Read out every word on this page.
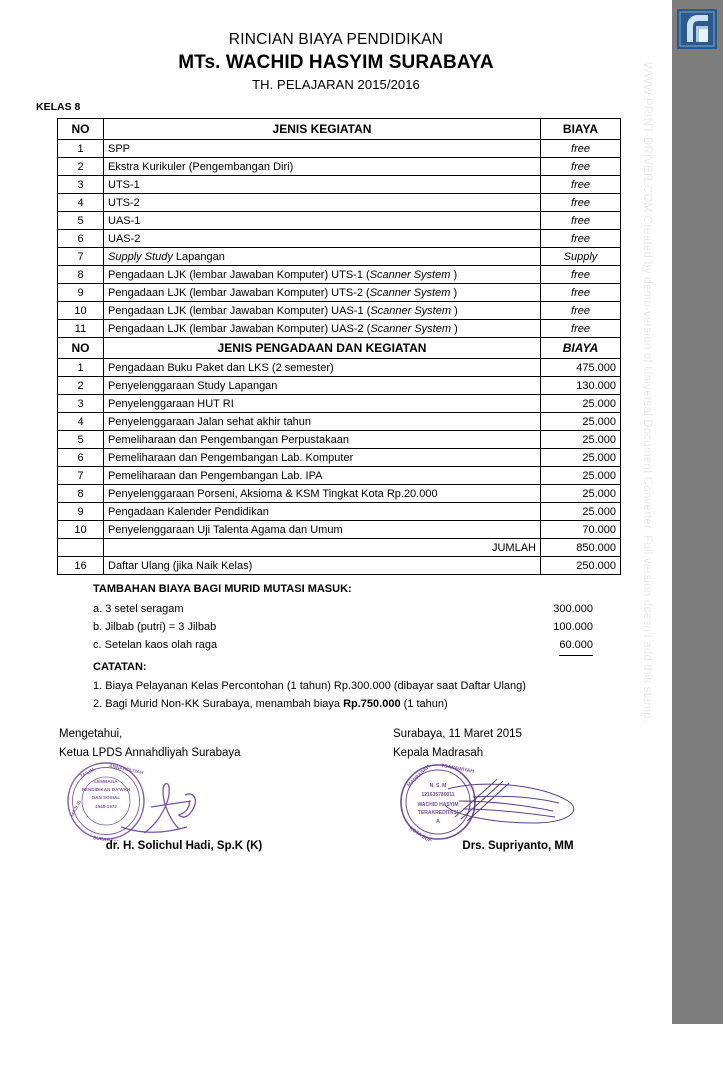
RINCIAN BIAYA PENDIDIKAN
MTs. WACHID HASYIM SURABAYA
TH. PELAJARAN 2015/2016
KELAS 8
NO	JENIS KEGIATAN	BIAYA
1	SPP	free
2	Ekstra Kurikuler (Pengembangan Diri)	free
3	UTS-1	free
4	UTS-2	free
5	UAS-1	free
6	UAS-2	free
7	Supply Study Lapangan	Supply
8	Pengadaan LJK (lembar Jawaban Komputer) UTS-1 (Scanner System )	free
9	Pengadaan LJK (lembar Jawaban Komputer) UTS-2 (Scanner System )	free
10	Pengadaan LJK (lembar Jawaban Komputer) UAS-1 (Scanner System )	free
11	Pengadaan LJK (lembar Jawaban Komputer) UAS-2 (Scanner System )	free
NO	JENIS PENGADAAN DAN KEGIATAN	BIAYA
1	Pengadaan Buku Paket dan LKS (2 semester)	475.000
2	Penyelenggaraan Study Lapangan	130.000
3	Penyelenggaraan HUT RI	25.000
4	Penyelenggaraan Jalan sehat akhir tahun	25.000
5	Pemeliharaan dan Pengembangan Perpustakaan	25.000
6	Pemeliharaan dan Pengembangan Lab. Komputer	25.000
7	Pemeliharaan dan Pengembangan Lab. IPA	25.000
8	Penyelenggaraan Porseni, Aksioma & KSM Tingkat Kota Rp.20.000	25.000
9	Pengadaan Kalender Pendidikan	25.000
10	Penyelenggaraan Uji Talenta Agama dan Umum	70.000
	JUMLAH	850.000
16	Daftar Ulang (jika Naik Kelas)	250.000
TAMBAHAN BIAYA BAGI MURID MUTASI MASUK:
a. 3 setel seragam	300.000
b. Jilbab (putri) = 3 Jilbab	100.000
c. Setelan kaos olah raga	60.000
CATATAN:
1. Biaya Pelayanan Kelas Percontohan (1 tahun) Rp.300.000 (dibayar saat Daftar Ulang)
2. Bagi Murid Non-KK Surabaya, menambah biaya Rp.750.000 (1 tahun)
Mengetahui,
Ketua LPDS Annahdliyah Surabaya
LEMBAGA
PENDIDIKAN DA'WAH
DAN SOSIAL
1948-1972
MAJLIS
TA'LIM	ANNAHDLIYAH
SURABAYA
dr. H. Solichul Hadi, Sp.K (K)
Surabaya, 11 Maret 2015
Kepala Madrasah
N. S. M
121635780011
WACHID HASYIM
TERAKREDITASI
A
MADRASAH TSANAWIYAH
KOTA SURABAYA	Drs. Supriyanto, MM
WWW.PRINT-DRIVER.COM Created by demo-version of Universal Document Converter. Full version doesn't add this stamp.
